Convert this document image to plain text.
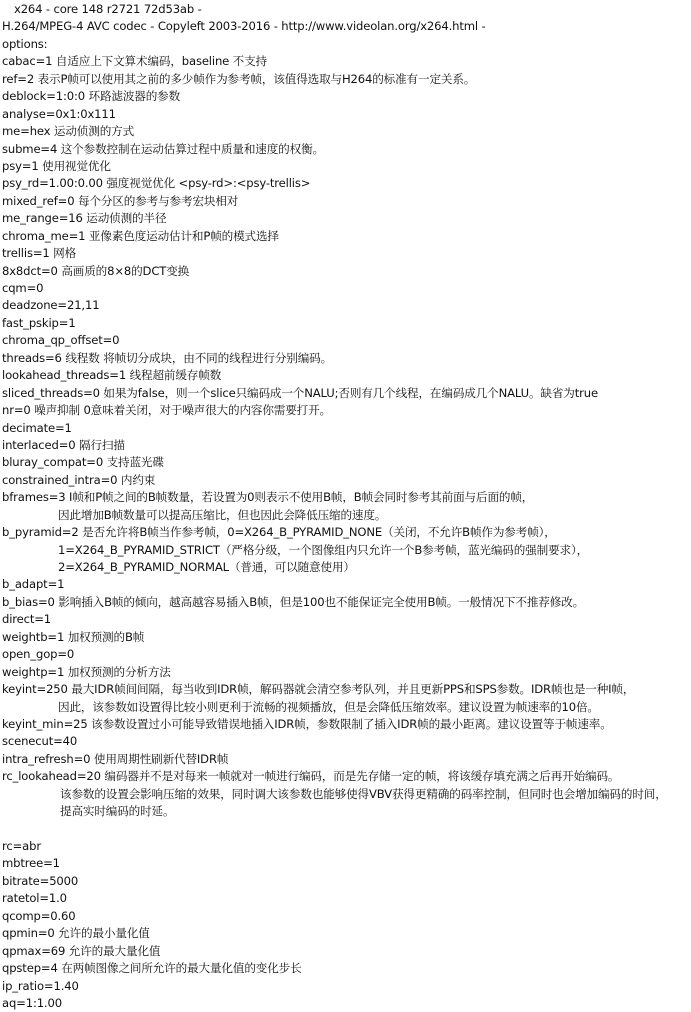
x264 - core 148 r2721 72d53ab -
H.264/MPEG-4 AVC codec - Copyleft 2003-2016 - http://www.videolan.org/x264.html -
options:
cabac=1 自适应上下文算术编码，baseline 不支持
ref=2 表示P帧可以使用其之前的多少帧作为参考帧，该值得选取与H264的标准有一定关系。
deblock=1:0:0 环路滤波器的参数
analyse=0x1:0x111
me=hex 运动侦测的方式
subme=4 这个参数控制在运动估算过程中质量和速度的权衡。
psy=1 使用视觉优化
psy_rd=1.00:0.00 强度视觉优化 <psy-rd>:<psy-trellis>
mixed_ref=0 每个分区的参考与参考宏块相对
me_range=16 运动侦测的半径
chroma_me=1 亚像素色度运动估计和P帧的模式选择
trellis=1 网格
8x8dct=0 高画质的8×8的DCT变换
cqm=0
deadzone=21,11
fast_pskip=1
chroma_qp_offset=0
threads=6 线程数 将帧切分成块，由不同的线程进行分别编码。
lookahead_threads=1 线程超前缓存帧数
sliced_threads=0 如果为false，则一个slice只编码成一个NALU;否则有几个线程，在编码成几个NALU。缺省为true
nr=0 噪声抑制 0意味着关闭，对于噪声很大的内容你需要打开。
decimate=1
interlaced=0 隔行扫描
bluray_compat=0 支持蓝光碟
constrained_intra=0 内约束
bframes=3 I帧和P帧之间的B帧数量，若设置为0则表示不使用B帧，B帧会同时参考其前面与后面的帧，
因此增加B帧数量可以提高压缩比，但也因此会降低压缩的速度。
b_pyramid=2 是否允许将B帧当作参考帧，0=X264_B_PYRAMID_NONE（关闭，不允许B帧作为参考帧），
1=X264_B_PYRAMID_STRICT（严格分级，一个图像组内只允许一个B参考帧，蓝光编码的强制要求），
2=X264_B_PYRAMID_NORMAL（普通，可以随意使用）
b_adapt=1
b_bias=0 影响插入B帧的倾向，越高越容易插入B帧，但是100也不能保证完全使用B帧。一般情况下不推荐修改。
direct=1
weightb=1 加权预测的B帧
open_gop=0
weightp=1 加权预测的分析方法
keyint=250 最大IDR帧间间隔，每当收到IDR帧，解码器就会清空参考队列，并且更新PPS和SPS参数。IDR帧也是一种I帧，
因此，该参数如设置得比较小则更利于流畅的视频播放，但是会降低压缩效率。建议设置为帧速率的10倍。
keyint_min=25 该参数设置过小可能导致错误地插入IDR帧，参数限制了插入IDR帧的最小距离。建议设置等于帧速率。
scenecut=40
intra_refresh=0 使用周期性刷新代替IDR帧
rc_lookahead=20 编码器并不是对每来一帧就对一帧进行编码，而是先存储一定的帧，将该缓存填充满之后再开始编码。
该参数的设置会影响压缩的效果，同时调大该参数也能够使得VBV获得更精确的码率控制，但同时也会增加编码的时间，
提高实时编码的时延。
rc=abr
mbtree=1
bitrate=5000
ratetol=1.0
qcomp=0.60
qpmin=0 允许的最小量化值
qpmax=69 允许的最大量化值
qpstep=4 在两帧图像之间所允许的最大量化值的变化步长
ip_ratio=1.40
aq=1:1.00
